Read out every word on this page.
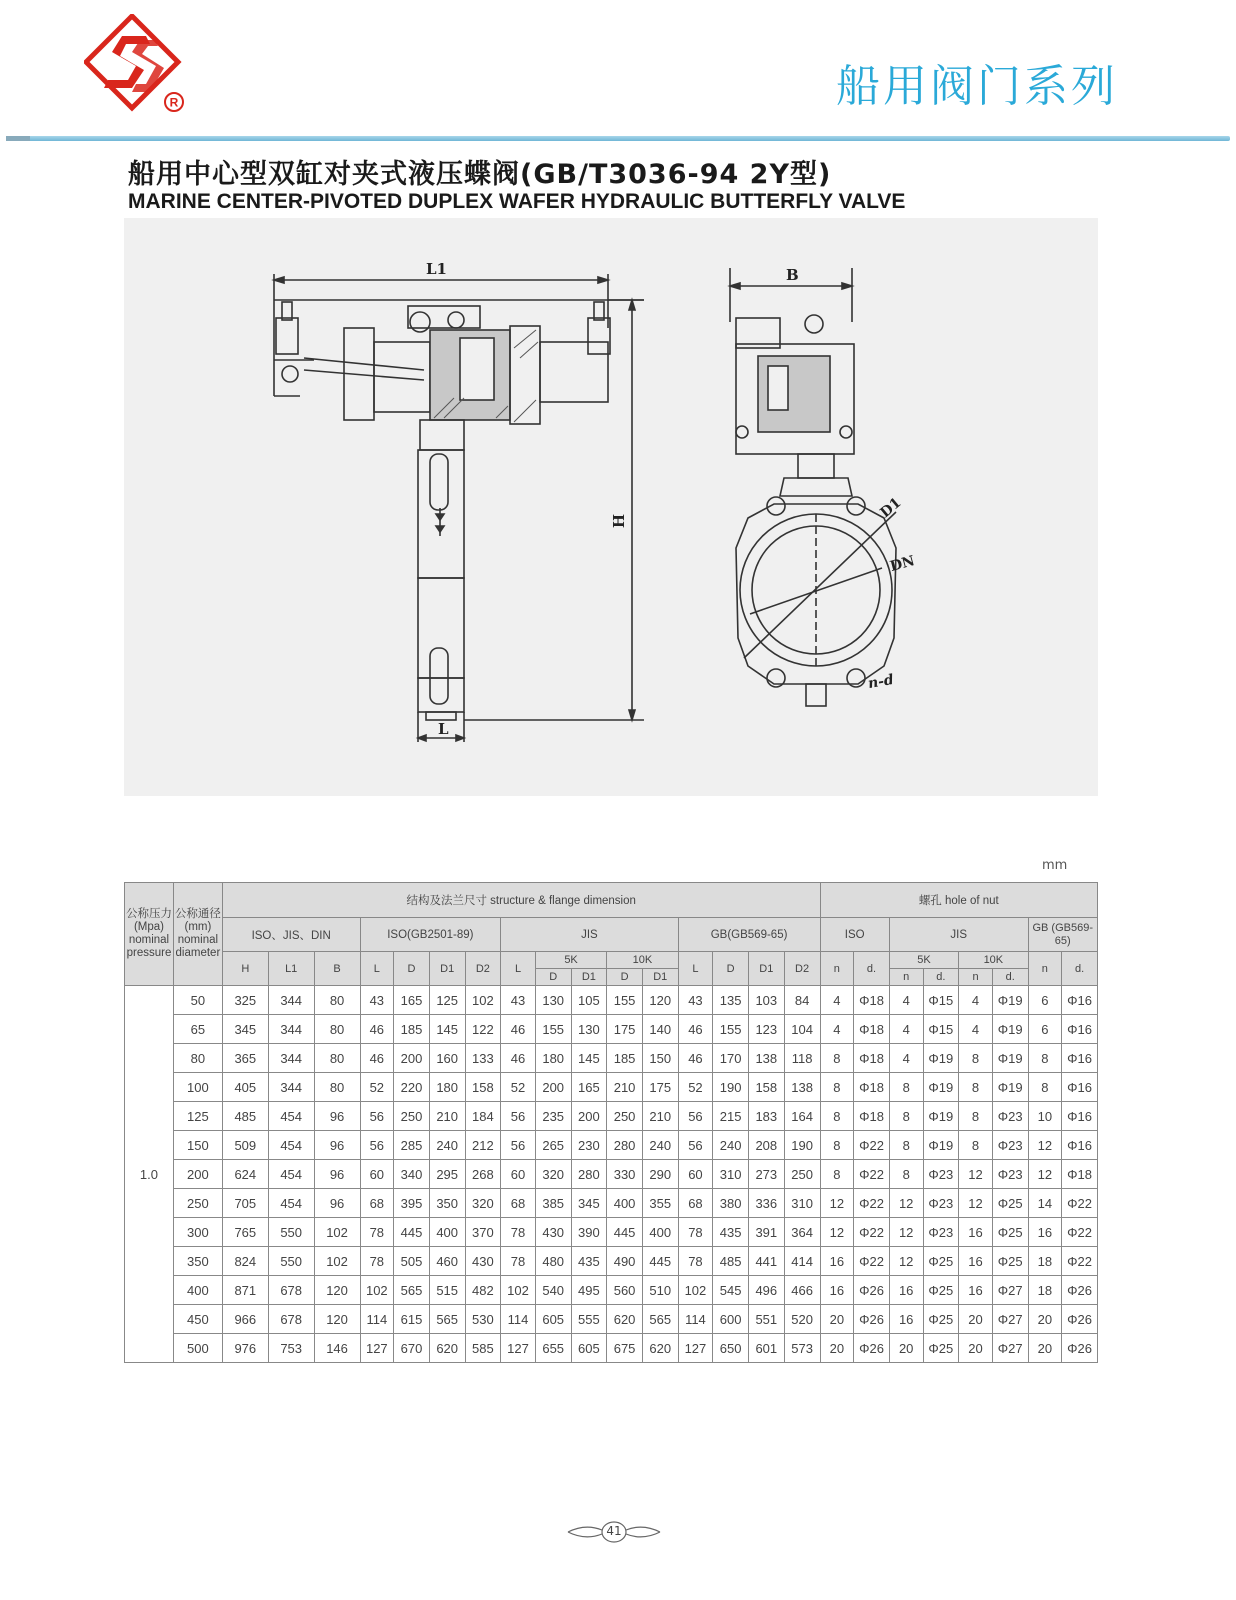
R	船用阀门系列
船用中心型双缸对夹式液压蝶阀(GB/T3036-94 2Y型)
MARINE CENTER-PIVOTED DUPLEX WAFER HYDRAULIC BUTTERFLY VALVE
L1
H
L
B
D1
DN
n-d
mm
公称压力
(Mpa)
nominal
pressure	公称通径
(mm)
nominal
diameter	结构及法兰尺寸 structure & flange dimension																螺孔 hole of nut							
		ISO、JIS、DIN			ISO(GB2501-89)				JIS					GB(GB569-65)				ISO		JIS				GB (GB569-65)	
		H	L1	B	L	D	D1	D2	L	5K		10K		L	D	D1	D2	n	d.	5K		10K		n	d.
										D	D1	D	D1							n	d.	n	d.		
1.0	50	325	344	80	43	165	125	102	43	130	105	155	120	43	135	103	84	4	Φ18	4	Φ15	4	Φ19	6	Φ16
	65	345	344	80	46	185	145	122	46	155	130	175	140	46	155	123	104	4	Φ18	4	Φ15	4	Φ19	6	Φ16
	80	365	344	80	46	200	160	133	46	180	145	185	150	46	170	138	118	8	Φ18	4	Φ19	8	Φ19	8	Φ16
	100	405	344	80	52	220	180	158	52	200	165	210	175	52	190	158	138	8	Φ18	8	Φ19	8	Φ19	8	Φ16
	125	485	454	96	56	250	210	184	56	235	200	250	210	56	215	183	164	8	Φ18	8	Φ19	8	Φ23	10	Φ16
	150	509	454	96	56	285	240	212	56	265	230	280	240	56	240	208	190	8	Φ22	8	Φ19	8	Φ23	12	Φ16
	200	624	454	96	60	340	295	268	60	320	280	330	290	60	310	273	250	8	Φ22	8	Φ23	12	Φ23	12	Φ18
	250	705	454	96	68	395	350	320	68	385	345	400	355	68	380	336	310	12	Φ22	12	Φ23	12	Φ25	14	Φ22
	300	765	550	102	78	445	400	370	78	430	390	445	400	78	435	391	364	12	Φ22	12	Φ23	16	Φ25	16	Φ22
	350	824	550	102	78	505	460	430	78	480	435	490	445	78	485	441	414	16	Φ22	12	Φ25	16	Φ25	18	Φ22
	400	871	678	120	102	565	515	482	102	540	495	560	510	102	545	496	466	16	Φ26	16	Φ25	16	Φ27	18	Φ26
	450	966	678	120	114	615	565	530	114	605	555	620	565	114	600	551	520	20	Φ26	16	Φ25	20	Φ27	20	Φ26
	500	976	753	146	127	670	620	585	127	655	605	675	620	127	650	601	573	20	Φ26	20	Φ25	20	Φ27	20	Φ26
41
